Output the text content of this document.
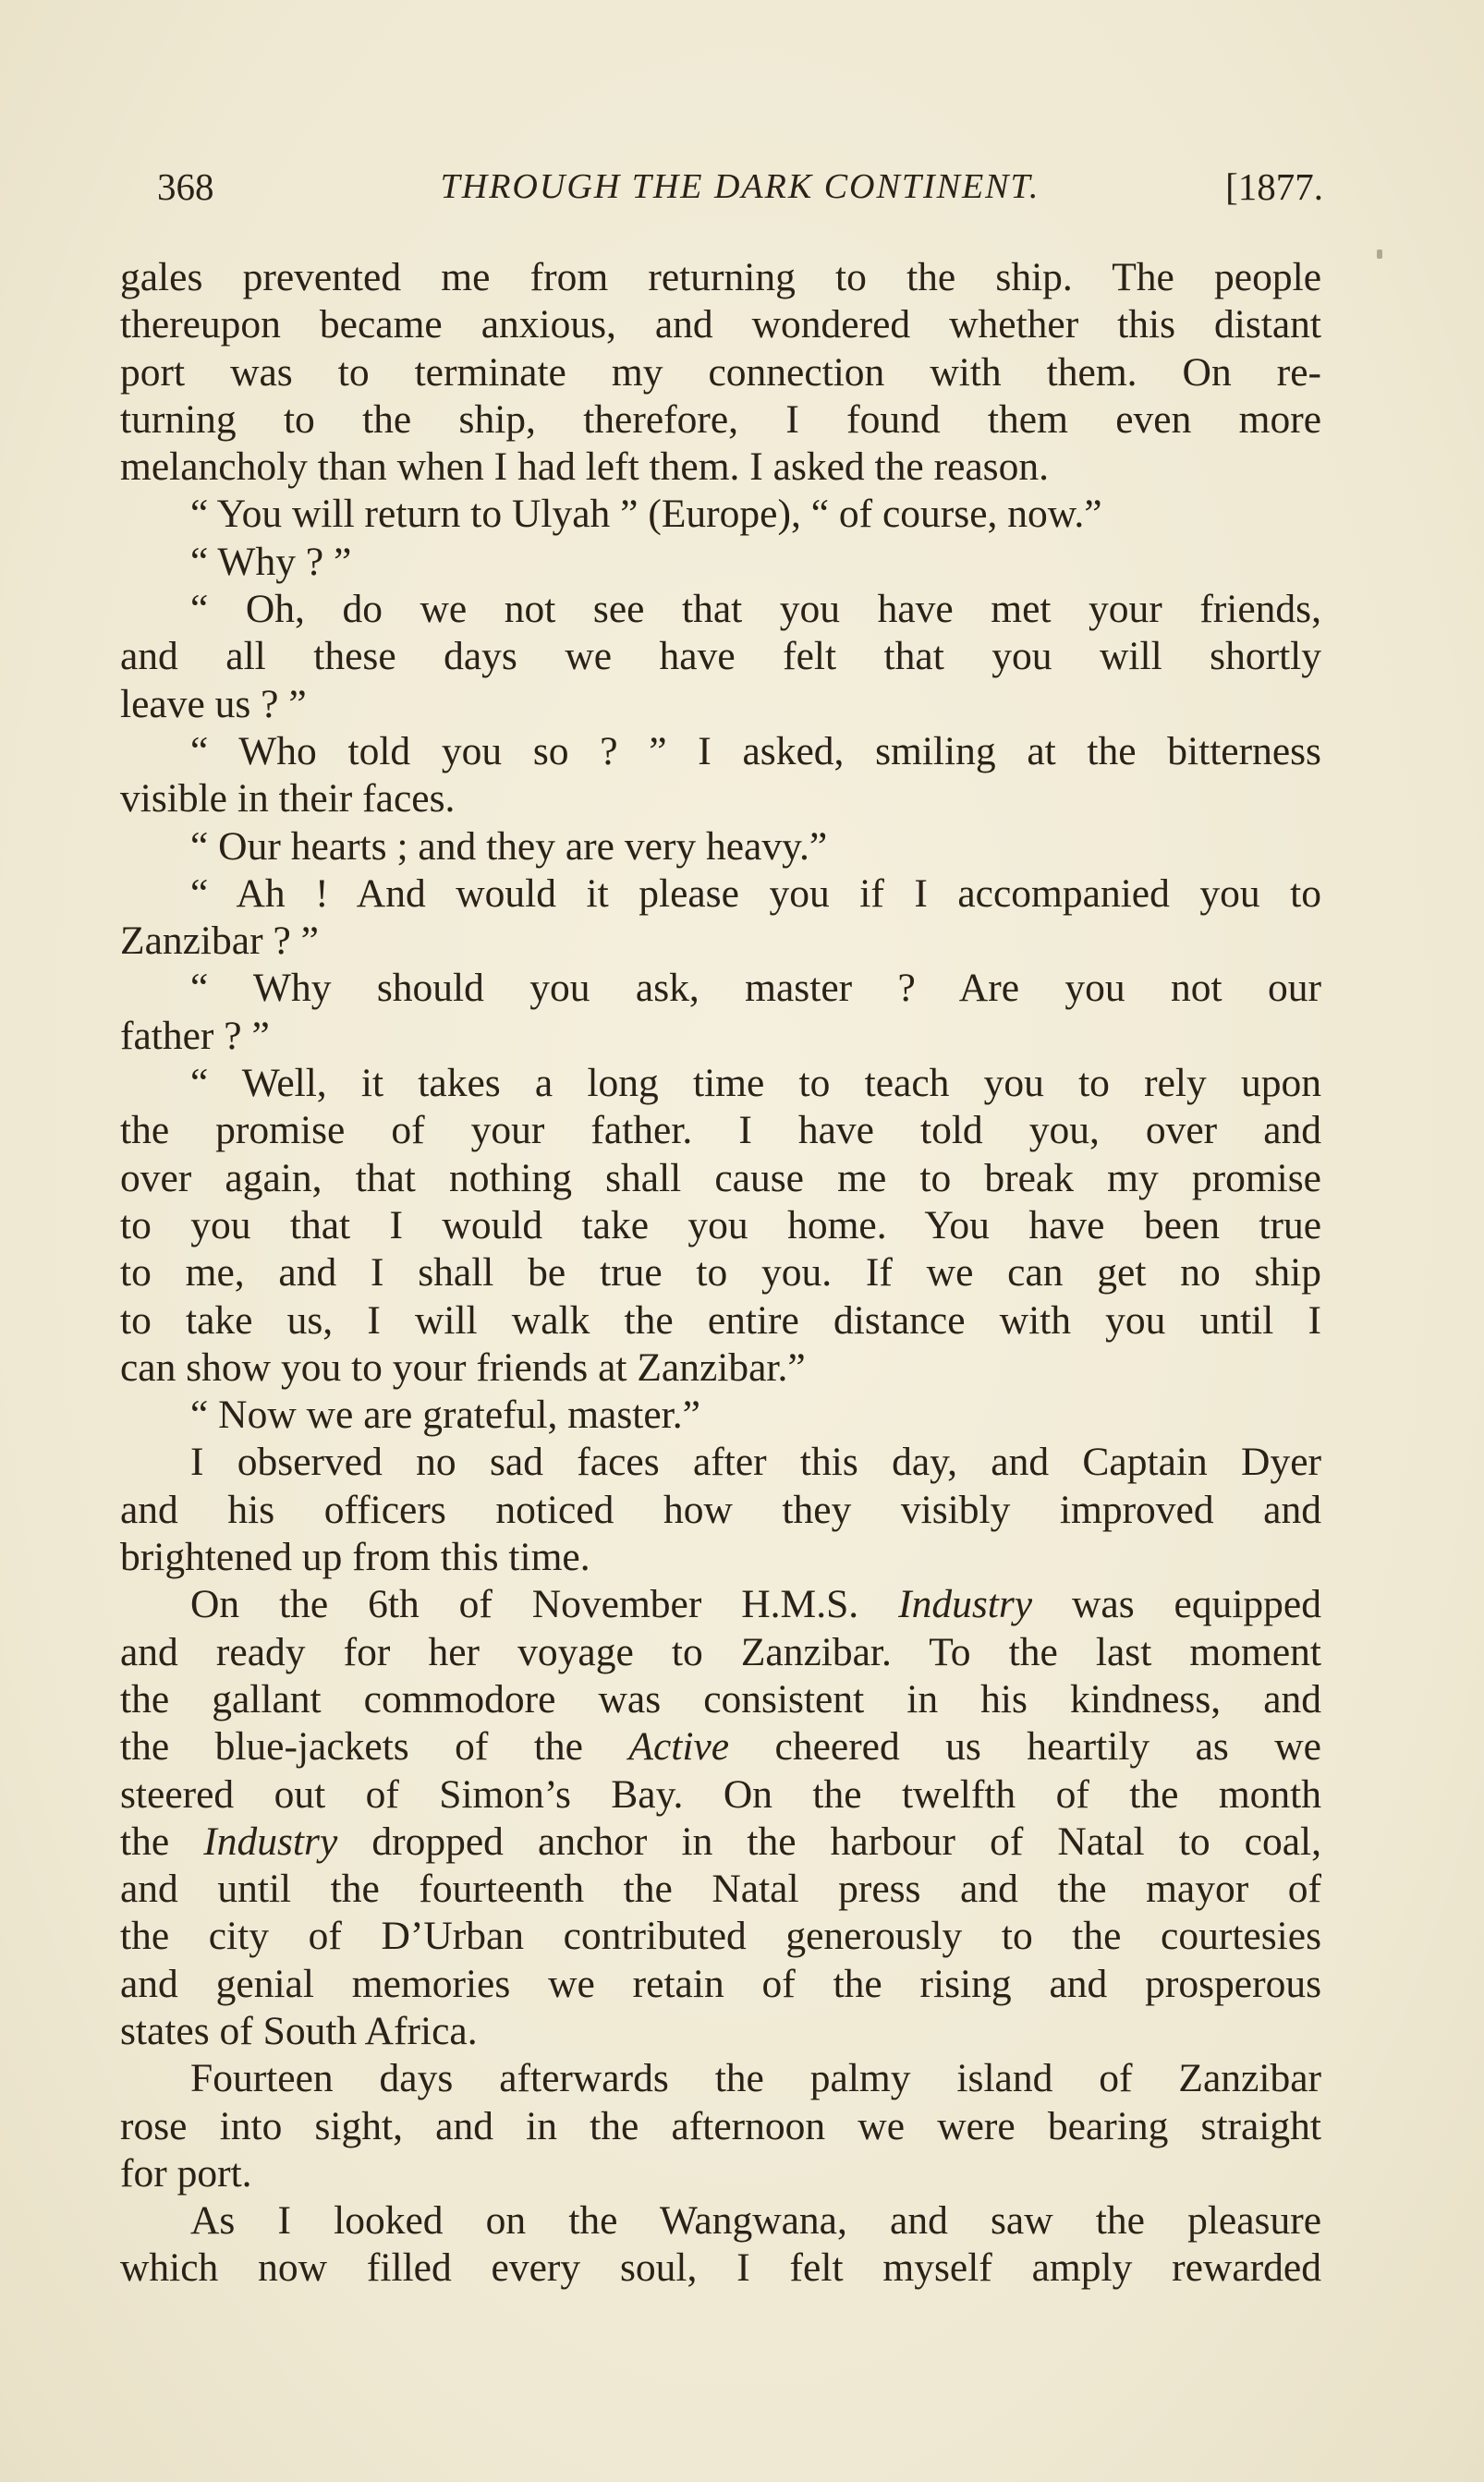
368	THROUGH THE DARK CONTINENT.	[1877.
gales prevented me from returning to the ship. The people
thereupon became anxious, and wondered whether this distant
port was to terminate my connection with them. On re-
turning to the ship, therefore, I found them even more
melancholy than when I had left them. I asked the reason.
“ You will return to Ulyah ” (Europe), “ of course, now.”
“ Why ? ”
“ Oh, do we not see that you have met your friends,
and all these days we have felt that you will shortly
leave us ? ”
“ Who told you so ? ” I asked, smiling at the bitterness
visible in their faces.
“ Our hearts ; and they are very heavy.”
“ Ah ! And would it please you if I accompanied you to
Zanzibar ? ”
“ Why should you ask, master ? Are you not our
father ? ”
“ Well, it takes a long time to teach you to rely upon
the promise of your father. I have told you, over and
over again, that nothing shall cause me to break my promise
to you that I would take you home. You have been true
to me, and I shall be true to you. If we can get no ship
to take us, I will walk the entire distance with you until I
can show you to your friends at Zanzibar.”
“ Now we are grateful, master.”
I observed no sad faces after this day, and Captain Dyer
and his officers noticed how they visibly improved and
brightened up from this time.
On the 6th of November H.M.S. Industry was equipped
and ready for her voyage to Zanzibar. To the last moment
the gallant commodore was consistent in his kindness, and
the blue-jackets of the Active cheered us heartily as we
steered out of Simon’s Bay. On the twelfth of the month
the Industry dropped anchor in the harbour of Natal to coal,
and until the fourteenth the Natal press and the mayor of
the city of D’Urban contributed generously to the courtesies
and genial memories we retain of the rising and prosperous
states of South Africa.
Fourteen days afterwards the palmy island of Zanzibar
rose into sight, and in the afternoon we were bearing straight
for port.
As I looked on the Wangwana, and saw the pleasure
which now filled every soul, I felt myself amply rewarded
